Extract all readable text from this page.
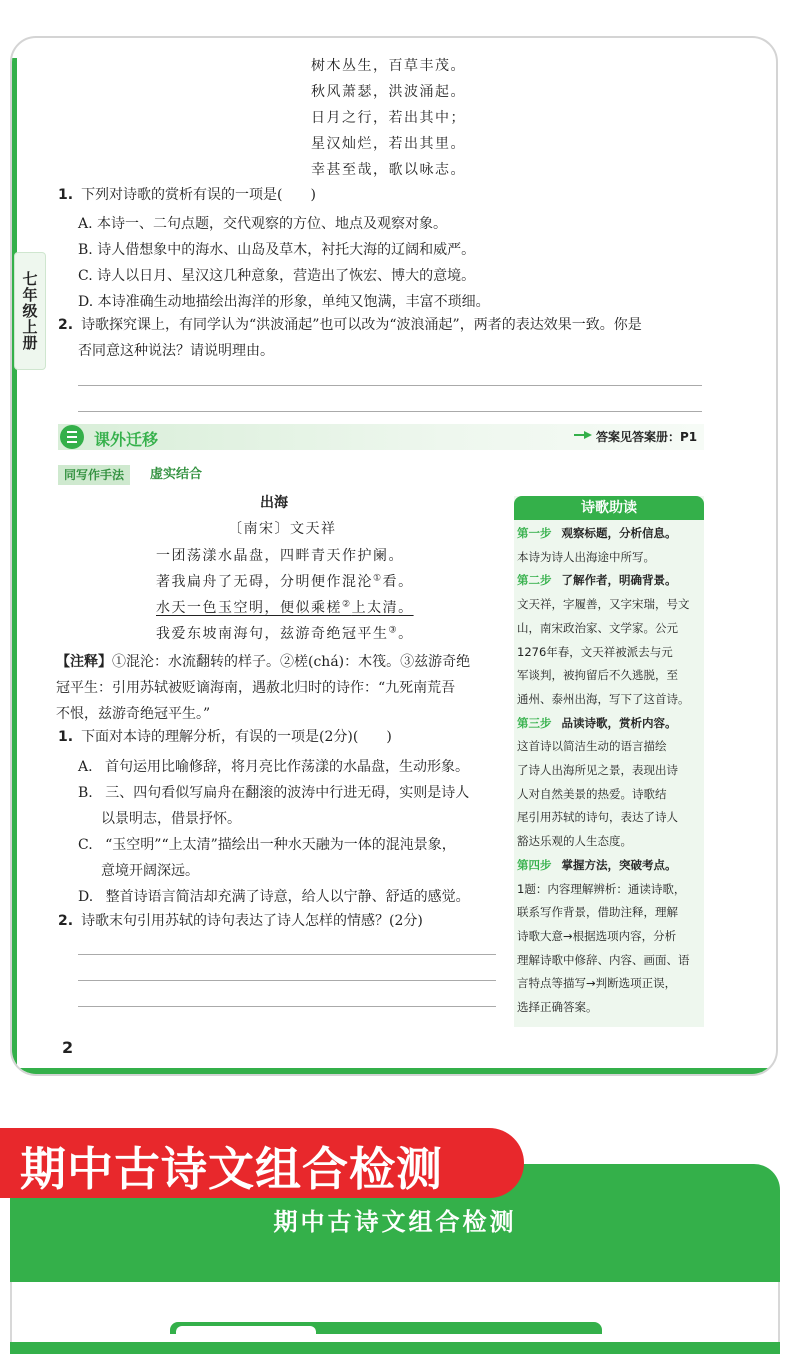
七年级上册
树木丛生，百草丰茂。
秋风萧瑟，洪波涌起。
日月之行，若出其中；
星汉灿烂，若出其里。
幸甚至哉，歌以咏志。
1. 下列对诗歌的赏析有误的一项是(　　)
A. 本诗一、二句点题，交代观察的方位、地点及观察对象。
B. 诗人借想象中的海水、山岛及草木，衬托大海的辽阔和威严。
C. 诗人以日月、星汉这几种意象，营造出了恢宏、博大的意境。
D. 本诗准确生动地描绘出海洋的形象，单纯又饱满，丰富不琐细。
2. 诗歌探究课上，有同学认为“洪波涌起”也可以改为“波浪涌起”，两者的表达效果一致。你是
否同意这种说法？请说明理由。
课外迁移	答案见答案册：P1
同写作手法	虚实结合
出海
〔南宋〕文天祥
一团荡漾水晶盘，四畔青天作护阑。
著我扁舟了无碍，分明便作混沦①看。
水天一色玉空明，便似乘槎②上太清。
我爱东坡南海句，兹游奇绝冠平生③。
【注释】①混沦：水流翻转的样子。②槎(chá)：木筏。③兹游奇绝
冠平生：引用苏轼被贬谪海南，遇赦北归时的诗作：“九死南荒吾
不恨，兹游奇绝冠平生。”
1. 下面对本诗的理解分析，有误的一项是(2分)(　　)
A. 首句运用比喻修辞，将月亮比作荡漾的水晶盘，生动形象。
B. 三、四句看似写扁舟在翻滚的波涛中行进无碍，实则是诗人
以景明志，借景抒怀。
C. “玉空明”“上太清”描绘出一种水天融为一体的混沌景象，
意境开阔深远。
D. 整首诗语言简洁却充满了诗意，给人以宁静、舒适的感觉。
2. 诗歌末句引用苏轼的诗句表达了诗人怎样的情感？(2分)
诗歌助读
第一步 观察标题，分析信息。
本诗为诗人出海途中所写。
第二步 了解作者，明确背景。
文天祥，字履善，又字宋瑞，号文
山，南宋政治家、文学家。公元
1276年春，文天祥被派去与元
军谈判，被拘留后不久逃脱，至
通州、泰州出海，写下了这首诗。
第三步 品读诗歌，赏析内容。
这首诗以简洁生动的语言描绘
了诗人出海所见之景，表现出诗
人对自然美景的热爱。诗歌结
尾引用苏轼的诗句，表达了诗人
豁达乐观的人生态度。
第四步 掌握方法，突破考点。
1题：内容理解辨析：通读诗歌，
联系写作背景，借助注释，理解
诗歌大意→根据选项内容，分析
理解诗歌中修辞、内容、画面、语
言特点等描写→判断选项正误，
选择正确答案。
2
期中古诗文组合检测
期中古诗文组合检测
